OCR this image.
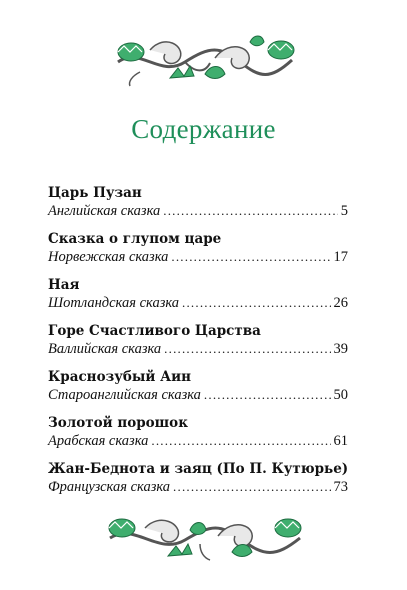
Содержание
Царь Пузан
Английская сказка .....	5
Сказка о глупом царе
Норвежская сказка .....	17
Ная
Шотландская сказка .....	26
Горе Счастливого Царства
Валлийская сказка .....	39
Краснозубый Аин
Староанглийская сказка .....	50
Золотой порошок
Арабская сказка .....	61
Жан-Беднота и заяц (По П. Кутюрье)
Французская сказка .....	73
